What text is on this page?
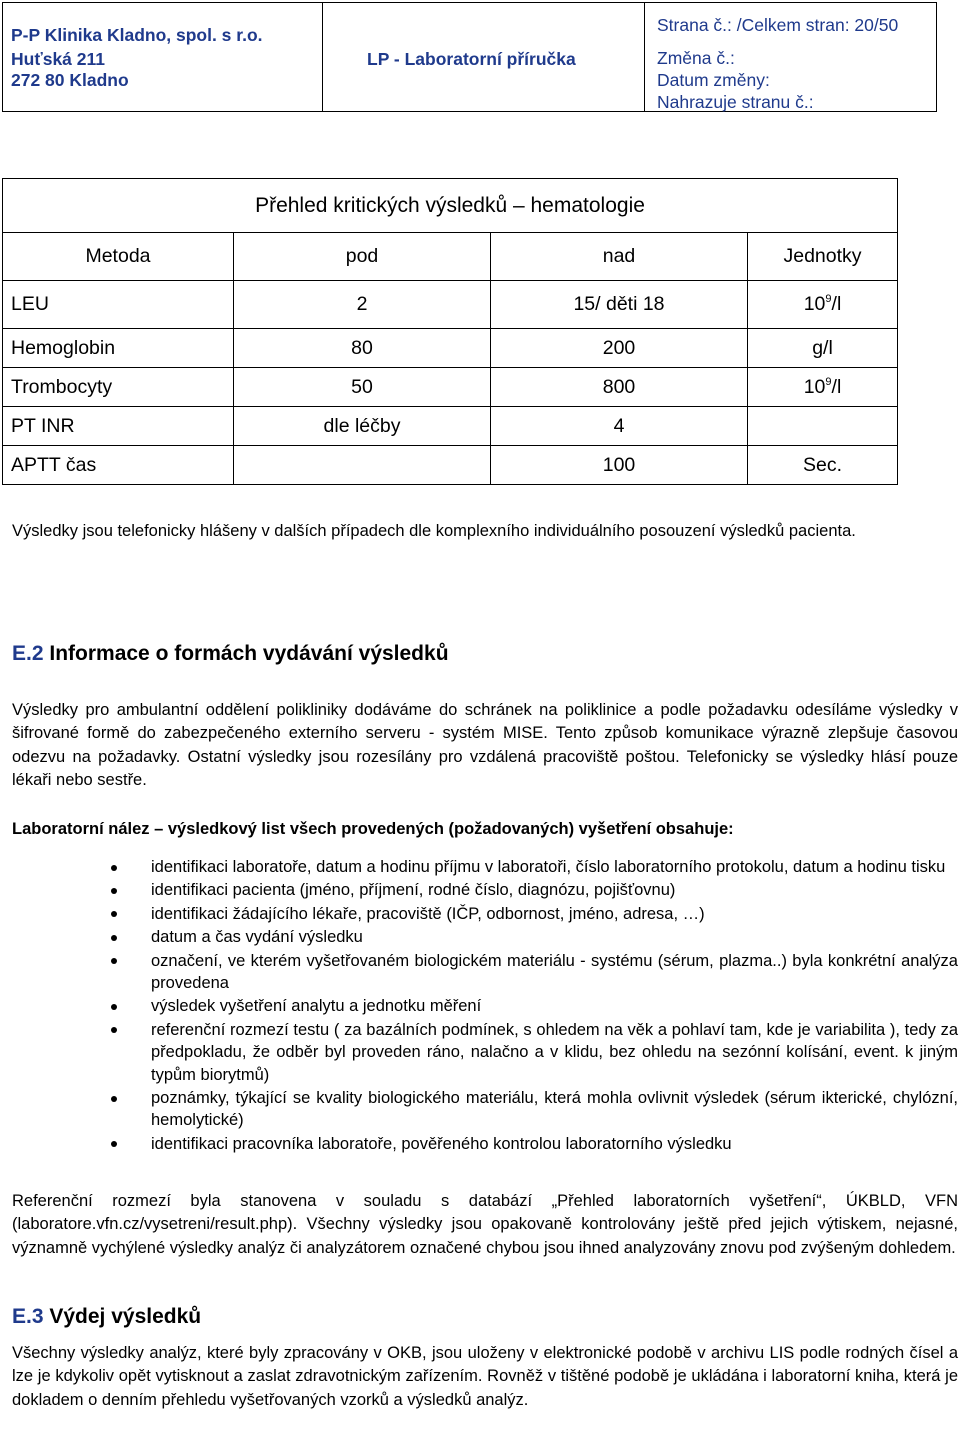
P-P Klinika Kladno, spol. s r.o.
Huťská 211
272 80 Kladno
LP - Laboratorní příručka
Strana č.: /Celkem stran: 20/50
Změna č.:
Datum změny:
Nahrazuje stranu č.:
Přehled kritických výsledků – hematologie			
Metoda	pod	nad	Jednotky
LEU	2	15/ děti 18	$10^9/l$
Hemoglobin	80	200	g/l
Trombocyty	50	800	$10^9/l$
PT INR	dle léčby	4	
APTT čas		100	Sec.

Výsledky jsou telefonicky hlášeny v dalších případech dle komplexního individuálního posouzení výsledků pacienta.

E.2 Informace o formách vydávání výsledků

Výsledky pro ambulantní oddělení polikliniky dodáváme do schránek na poliklinice a podle požadavku odesíláme výsledky v šifrované formě do zabezpečeného externího serveru - systém MISE. Tento způsob komunikace výrazně zlepšuje časovou odezvu na požadavky. Ostatní výsledky jsou rozesílány pro vzdálená pracoviště poštou. Telefonicky se výsledky hlásí pouze lékaři nebo sestře.

Laboratorní nález – výsledkový list všech provedených (požadovaných) vyšetření obsahuje:

identifikaci laboratoře, datum a hodinu příjmu v laboratoři, číslo laboratorního protokolu, datum a hodinu tisku
identifikaci pacienta (jméno, příjmení, rodné číslo, diagnózu, pojišťovnu)
identifikaci žádajícího lékaře, pracoviště (IČP, odbornost, jméno, adresa, …)
datum a čas vydání výsledku
označení, ve kterém vyšetřovaném biologickém materiálu - systému (sérum, plazma..) byla konkrétní analýza provedena
výsledek vyšetření analytu a jednotku měření
referenční rozmezí testu ( za bazálních podmínek, s ohledem na věk a pohlaví tam, kde je variabilita ), tedy za předpokladu, že odběr byl proveden ráno, nalačno a v klidu, bez ohledu na sezónní kolísání, event. k jiným typům biorytmů)
poznámky, týkající se kvality biologického materiálu, která mohla ovlivnit výsledek (sérum ikterické, chylózní, hemolytické)
identifikaci pracovníka laboratoře, pověřeného kontrolou laboratorního výsledku

Referenční rozmezí byla stanovena v souladu s databází „Přehled laboratorních vyšetření“, ÚKBLD, VFN (laboratore.vfn.cz/vysetreni/result.php). Všechny výsledky jsou opakovaně kontrolovány ještě před jejich výtiskem, nejasné, významně vychýlené výsledky analýz či analyzátorem označené chybou jsou ihned analyzovány znovu pod zvýšeným dohledem.

E.3 Výdej výsledků

Všechny výsledky analýz, které byly zpracovány v OKB, jsou uloženy v elektronické podobě v archivu LIS podle rodných čísel a lze je kdykoliv opět vytisknout a zaslat zdravotnickým zařízením. Rovněž v tištěné podobě je ukládána i laboratorní kniha, která je dokladem o denním přehledu vyšetřovaných vzorků a výsledků analýz.
